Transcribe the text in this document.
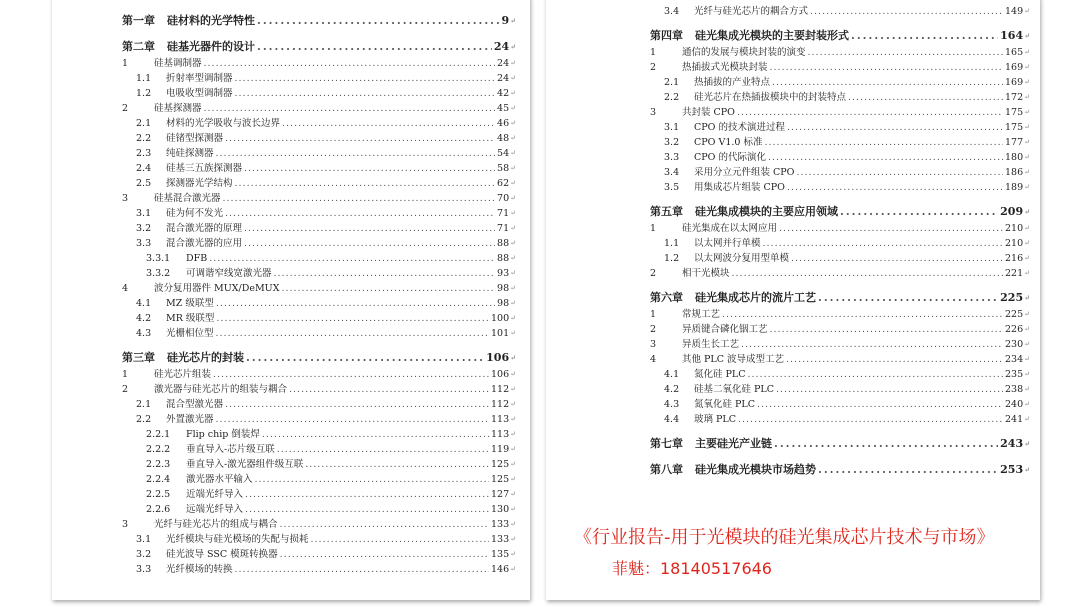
第一章 硅材料的光学特性 .....	9 ↵
第二章 硅基光器件的设计 .....	24 ↵
1	硅基调制器 .....	24 ↵
1.1	折射率型调制器 .....	24 ↵
1.2	电吸收型调制器 .....	42 ↵
2	硅基探测器 .....	45 ↵
2.1	材料的光学吸收与波长边界 .....	46 ↵
2.2	硅锗型探测器 .....	48 ↵
2.3	纯硅探测器 .....	54 ↵
2.4	硅基三五族探测器 .....	58 ↵
2.5	探测器光学结构 .....	62 ↵
3	硅基混合激光器 .....	70 ↵
3.1	硅为何不发光 .....	71 ↵
3.2	混合激光器的原理 .....	71 ↵
3.3	混合激光器的应用 .....	88 ↵
3.3.1	DFB .....	88 ↵
3.3.2	可调谐窄线宽激光器 .....	93 ↵
4	波分复用器件 MUX/DeMUX .....	98 ↵
4.1	MZ 级联型 .....	98 ↵
4.2	MR 级联型 .....	100 ↵
4.3	光栅相位型 .....	101 ↵
第三章 硅光芯片的封装 .....	106 ↵
1	硅光芯片组装 .....	106 ↵
2	激光器与硅光芯片的组装与耦合 .....	112 ↵
2.1	混合型激光器 .....	112 ↵
2.2	外置激光器 .....	113 ↵
2.2.1	Flip chip 倒装焊 .....	113 ↵
2.2.2	垂直导入-芯片级互联 .....	119 ↵
2.2.3	垂直导入-激光器组件级互联 .....	125 ↵
2.2.4	激光器水平输入 .....	125 ↵
2.2.5	近端光纤导入 .....	127 ↵
2.2.6	远端光纤导入 .....	130 ↵
3	光纤与硅光芯片的组成与耦合 .....	133 ↵
3.1	光纤模块与硅光模场的失配与损耗 .....	133 ↵
3.2	硅光波导 SSC 模斑转换器 .....	135 ↵
3.3	光纤模场的转换 .....	146 ↵
3.4	光纤与硅光芯片的耦合方式 .....	149 ↵
第四章 硅光集成光模块的主要封装形式 .....	164 ↵
1	通信的发展与模块封装的演变 .....	165 ↵
2	热插拔式光模块封装 .....	169 ↵
2.1	热插拔的产业特点 .....	169 ↵
2.2	硅光芯片在热插拔模块中的封装特点 .....	172 ↵
3	共封装 CPO .....	175 ↵
3.1	CPO 的技术演进过程 .....	175 ↵
3.2	CPO V1.0 标准 .....	177 ↵
3.3	CPO 的代际演化 .....	180 ↵
3.4	采用分立元件组装 CPO .....	186 ↵
3.5	用集成芯片组装 CPO .....	189 ↵
第五章 硅光集成模块的主要应用领域 .....	209 ↵
1	硅光集成在以太网应用 .....	210 ↵
1.1	以太网并行单模 .....	210 ↵
1.2	以太网波分复用型单模 .....	216 ↵
2	相干光模块 .....	221 ↵
第六章 硅光集成芯片的流片工艺 .....	225 ↵
1	常规工艺 .....	225 ↵
2	异质键合磷化铟工艺 .....	226 ↵
3	异质生长工艺 .....	230 ↵
4	其他 PLC 波导成型工艺 .....	234 ↵
4.1	氮化硅 PLC .....	235 ↵
4.2	硅基二氧化硅 PLC .....	238 ↵
4.3	氮氧化硅 PLC .....	240 ↵
4.4	玻璃 PLC .....	241 ↵
第七章 主要硅光产业链 .....	243 ↵
第八章 硅光集成光模块市场趋势 .....	253 ↵
《行业报告-用于光模块的硅光集成芯片技术与市场》
菲魅：18140517646
